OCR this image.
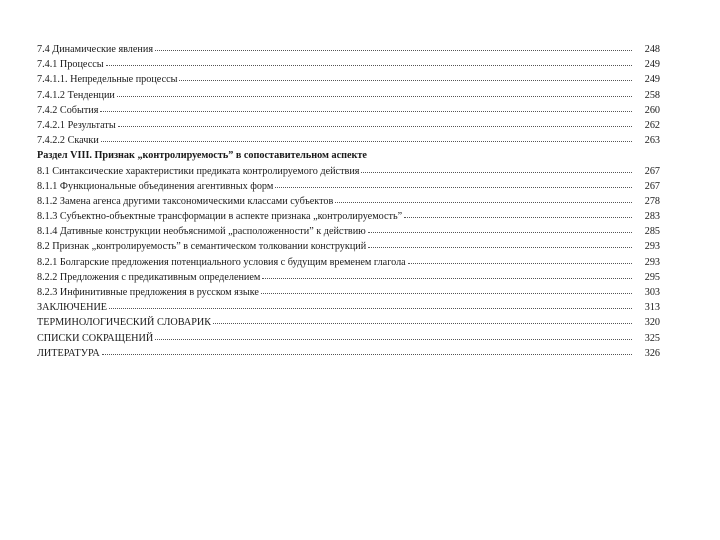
7.4 Динамические явления	248
7.4.1 Процессы	249
7.4.1.1. Непредельные процессы	249
7.4.1.2 Тенденции	258
7.4.2 События	260
7.4.2.1 Результаты	262
7.4.2.2 Скачки	263
Раздел VIII. Признак „контролируемость” в сопоставительном аспекте
8.1 Синтаксические характеристики предиката контролируемого действия	267
8.1.1 Функциональные объединения агентивных форм	267
8.1.2 Замена агенса другими таксономическими классами субъектов	278
8.1.3 Субъектно-объектные трансформации в аспекте признака „контролируемость”	283
8.1.4 Дативные конструкции необъяснимой „расположенности” к действию	285
8.2 Признак „контролируемость” в семантическом толковании конструкций	293
8.2.1 Болгарские предложения потенциального условия с будущим временем глагола	293
8.2.2 Предложения с предикативным определением	295
8.2.3 Инфинитивные предложения в русском языке	303
ЗАКЛЮЧЕНИЕ	313
ТЕРМИНОЛОГИЧЕСКИЙ СЛОВАРИК	320
СПИСКИ СОКРАЩЕНИЙ	325
ЛИТЕРАТУРА	326
